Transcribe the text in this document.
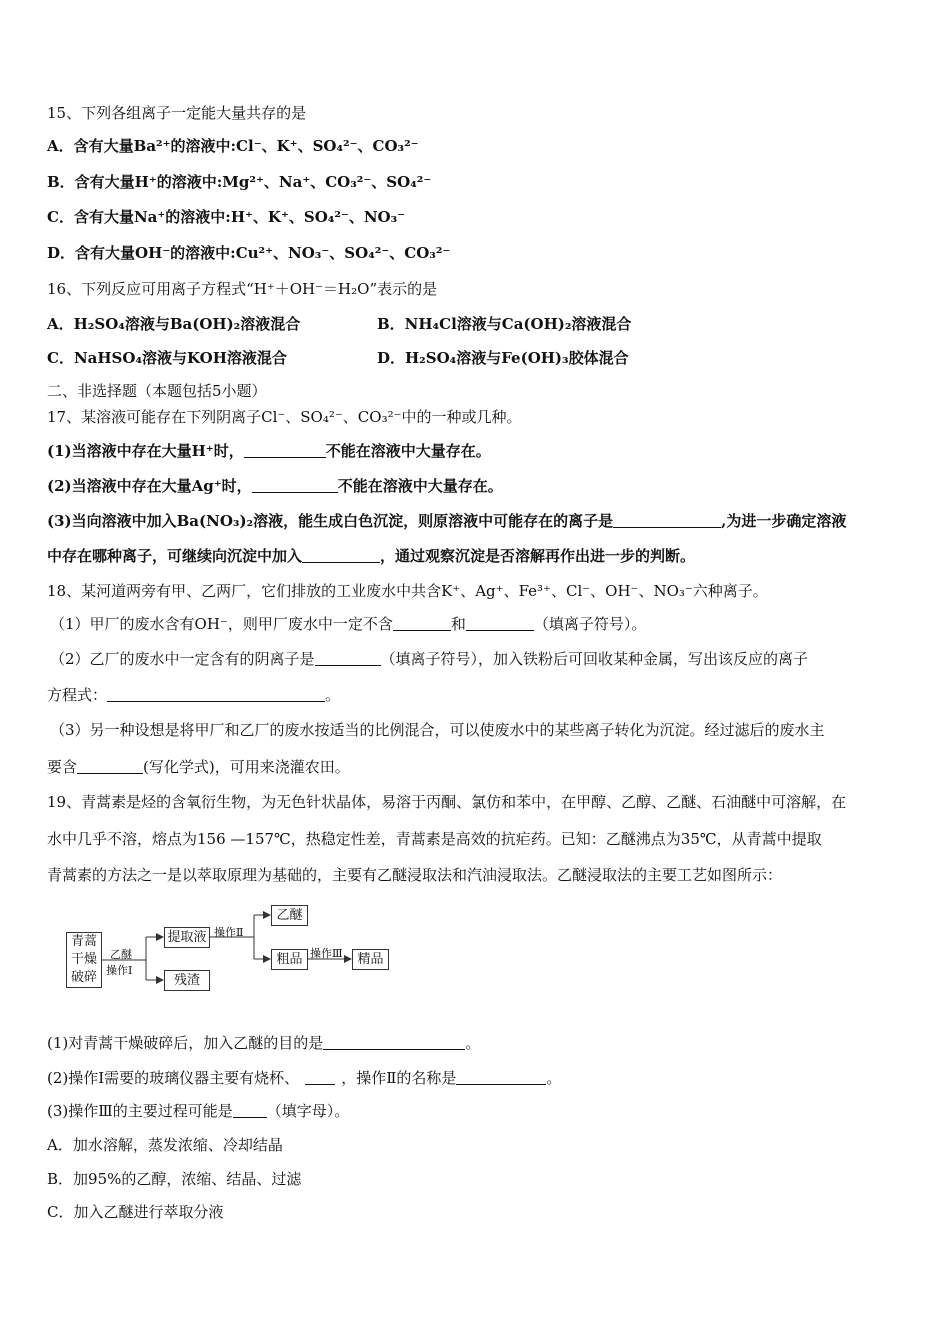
15、下列各组离子一定能大量共存的是
A．含有大量Ba²⁺的溶液中:Cl⁻、K⁺、SO₄²⁻、CO₃²⁻
B．含有大量H⁺的溶液中:Mg²⁺、Na⁺、CO₃²⁻、SO₄²⁻
C．含有大量Na⁺的溶液中:H⁺、K⁺、SO₄²⁻、NO₃⁻
D．含有大量OH⁻的溶液中:Cu²⁺、NO₃⁻、SO₄²⁻、CO₃²⁻
16、下列反应可用离子方程式“H⁺＋OH⁻＝H₂O”表示的是
A．H₂SO₄溶液与Ba(OH)₂溶液混合	B．NH₄Cl溶液与Ca(OH)₂溶液混合
C．NaHSO₄溶液与KOH溶液混合	D．H₂SO₄溶液与Fe(OH)₃胶体混合
二、非选择题（本题包括5小题）
17、某溶液可能存在下列阴离子Cl⁻、SO₄²⁻、CO₃²⁻中的一种或几种。
(1)当溶液中存在大量H⁺时，	不能在溶液中大量存在。
(2)当溶液中存在大量Ag⁺时，	不能在溶液中大量存在。
(3)当向溶液中加入Ba(NO₃)₂溶液，能生成白色沉淀，则原溶液中可能存在的离子是	,为进一步确定溶液
中存在哪种离子，可继续向沉淀中加入	，通过观察沉淀是否溶解再作出进一步的判断。
18、某河道两旁有甲、乙两厂，它们排放的工业废水中共含K⁺、Ag⁺、Fe³⁺、Cl⁻、OH⁻、NO₃⁻六种离子。
（1）甲厂的废水含有OH⁻，则甲厂废水中一定不含	和	（填离子符号）。
（2）乙厂的废水中一定含有的阴离子是	（填离子符号），加入铁粉后可回收某种金属，写出该反应的离子
方程式：	。
（3）另一种设想是将甲厂和乙厂的废水按适当的比例混合，可以使废水中的某些离子转化为沉淀。经过滤后的废水主
要含	(写化学式)，可用来浇灌农田。
19、青蒿素是烃的含氧衍生物，为无色针状晶体，易溶于丙酮、氯仿和苯中，在甲醇、乙醇、乙醚、石油醚中可溶解，在
水中几乎不溶，熔点为156 —157℃，热稳定性差，青蒿素是高效的抗疟药。已知：乙醚沸点为35℃，从青蒿中提取
青蒿素的方法之一是以萃取原理为基础的，主要有乙醚浸取法和汽油浸取法。乙醚浸取法的主要工艺如图所示：
青蒿
干燥
破碎
乙醚
操作Ⅰ
提取液
残渣
操作Ⅱ
乙醚
粗品 操作Ⅲ	精品
(1)对青蒿干燥破碎后，加入乙醚的目的是	。
(2)操作Ⅰ需要的玻璃仪器主要有烧杯、	，操作Ⅱ的名称是	。
(3)操作Ⅲ的主要过程可能是 （填字母）。
A．加水溶解，蒸发浓缩、冷却结晶
B．加95%的乙醇，浓缩、结晶、过滤
C．加入乙醚进行萃取分液
